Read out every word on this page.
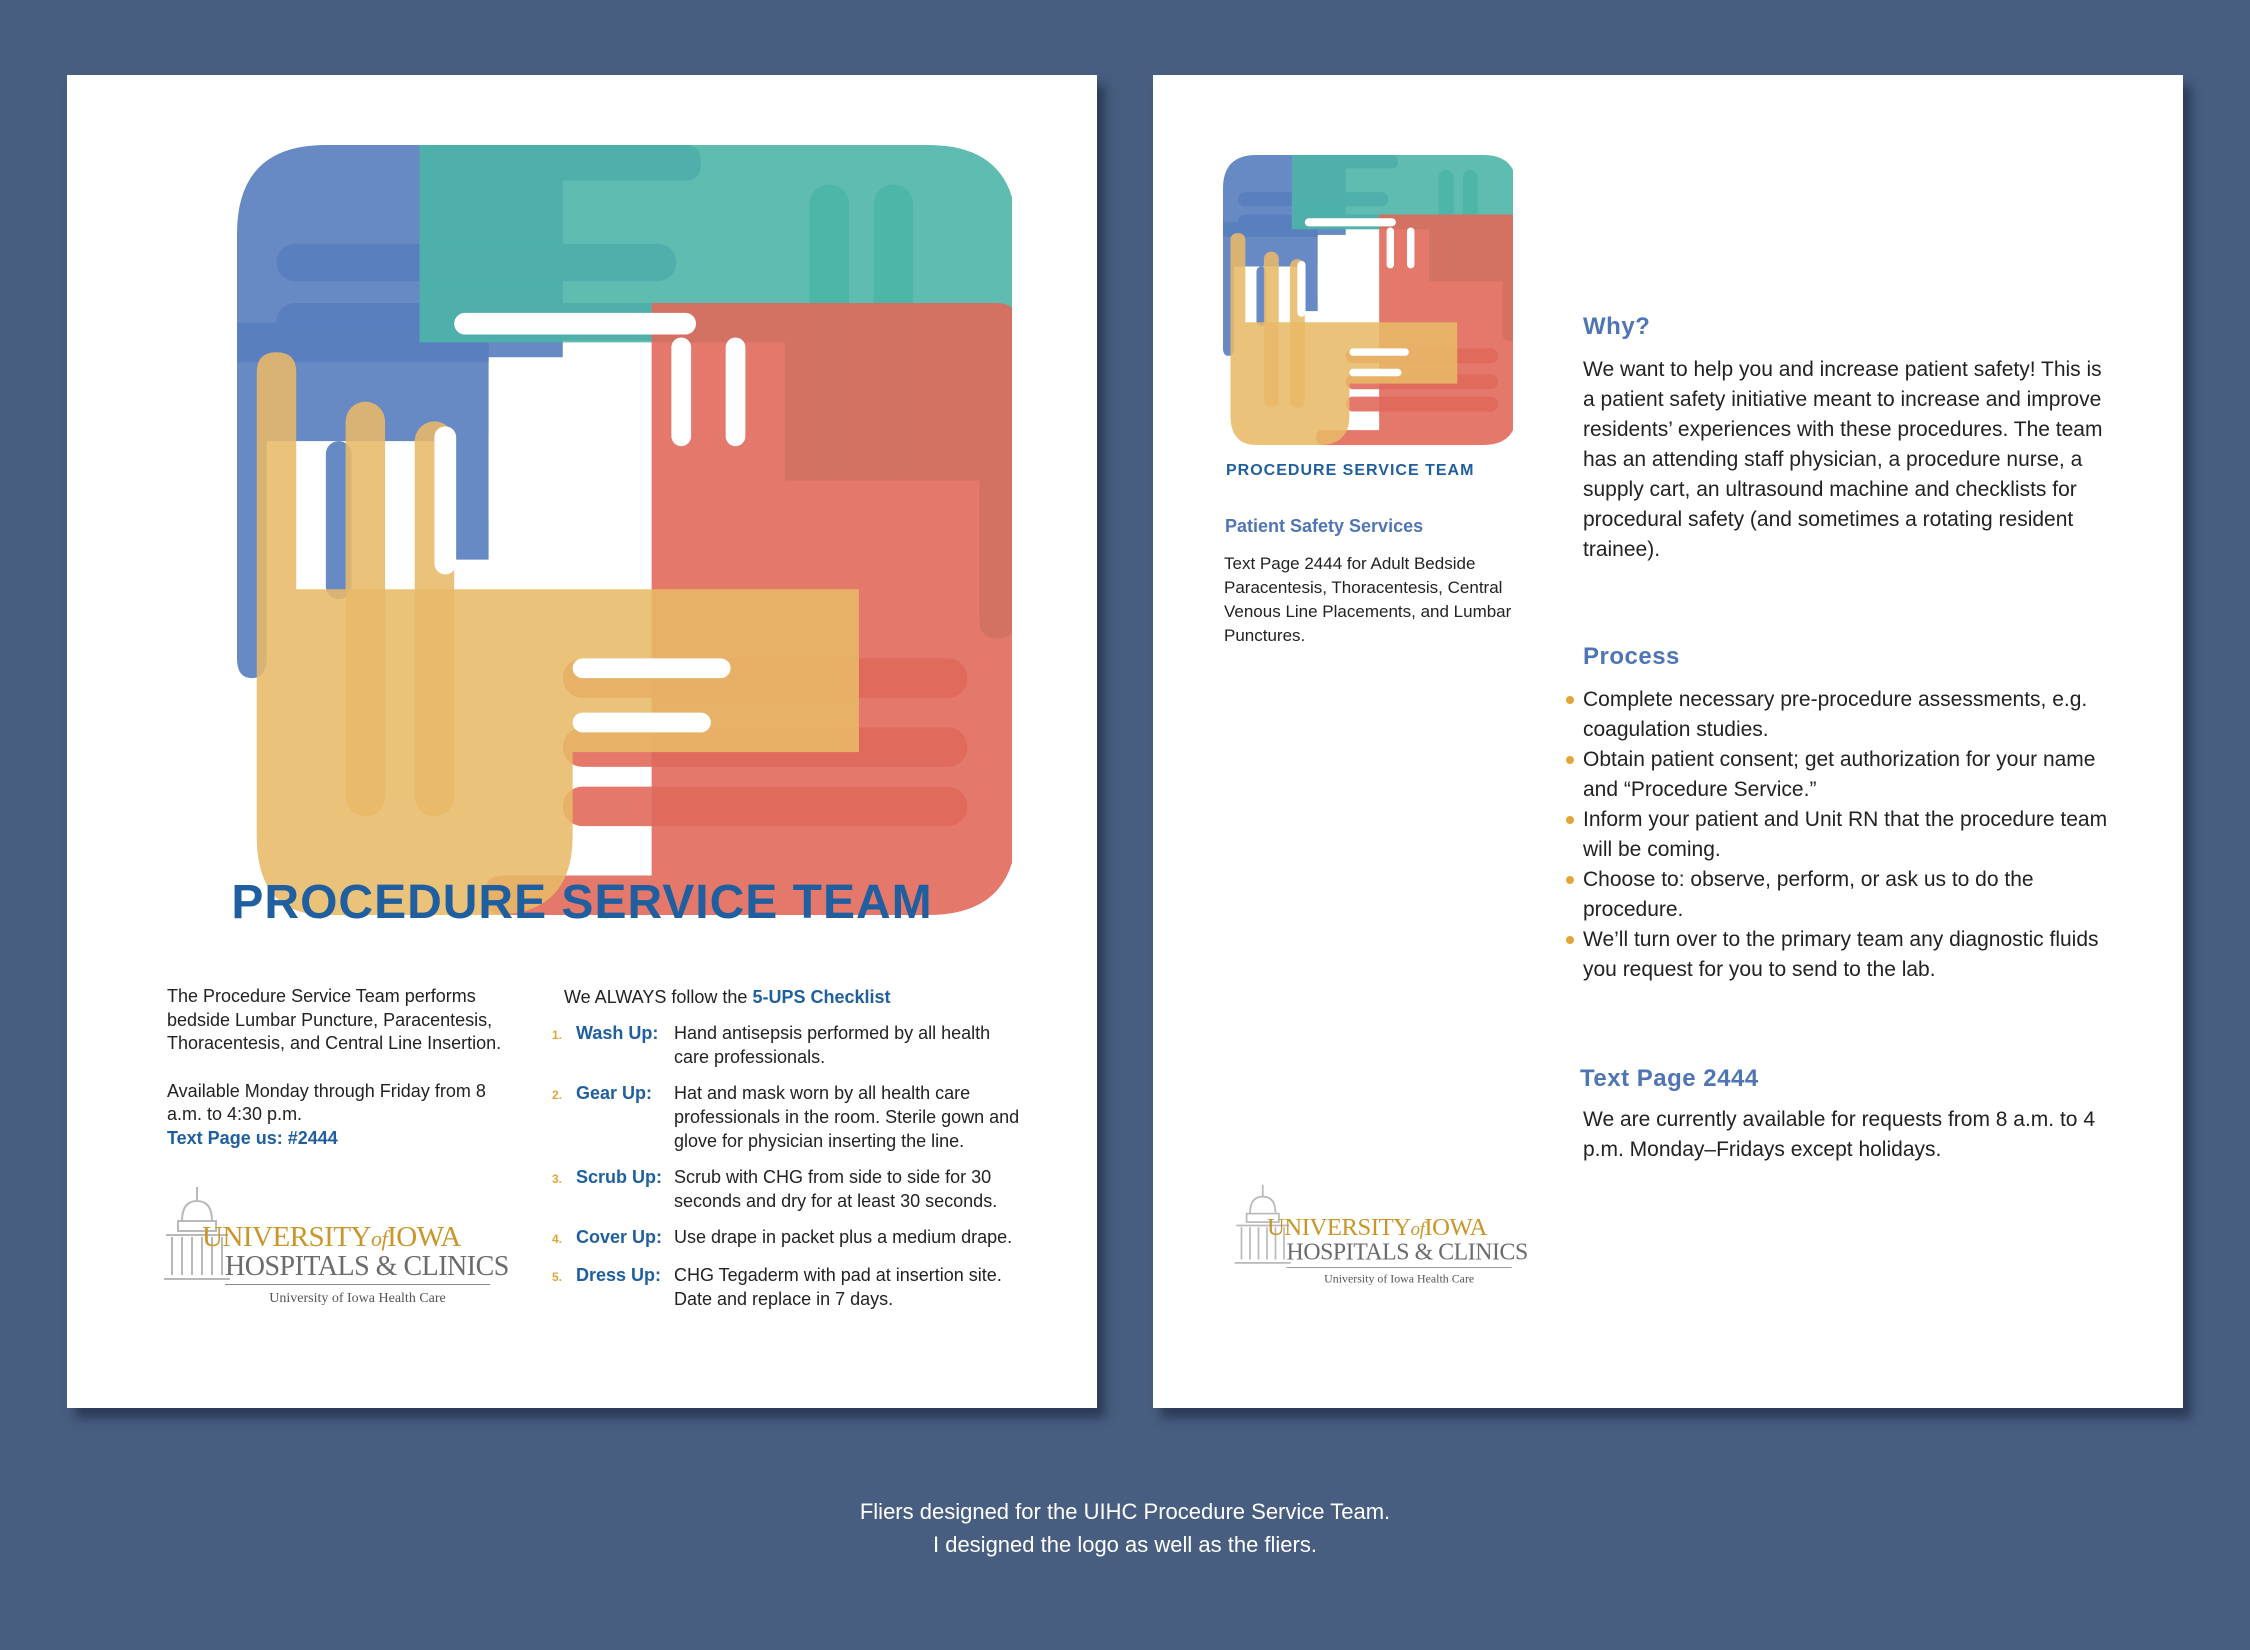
PROCEDURE SERVICE TEAM

The Procedure Service Team performs bedside Lumbar Puncture, Paracentesis, Thoracentesis, and Central Line Insertion.

Available Monday through Friday from 8 a.m. to 4:30 p.m.

Text Page us: #2444
We ALWAYS follow the 5-UPS Checklist
1. Wash Up: Hand antisepsis performed by all health care professionals.
2. Gear Up:	Hat and mask worn by all health care professionals in the room. Sterile gown and glove for physician inserting the line.
3. Scrub Up: Scrub with CHG from side to side for 30 seconds and dry for at least 30 seconds.
4. Cover Up: Use drape in packet plus a medium drape.
5. Dress Up: CHG Tegaderm with pad at insertion site. Date and replace in 7 days.
UNIVERSITYofIOWA
HOSPITALS & CLINICS
University of Iowa Health Care
PROCEDURE SERVICE TEAM
Patient Safety Services
Text Page 2444 for Adult Bedside Paracentesis, Thoracentesis, Central Venous Line Placements, and Lumbar Punctures.
Why?
We want to help you and increase patient safety! This is a patient safety initiative meant to increase and improve residents’ experiences with these procedures. The team has an attending staff physician, a procedure nurse, a supply cart, an ultrasound machine and checklists for procedural safety (and sometimes a rotating resident trainee).
Process
Complete necessary pre-procedure assessments, e.g. coagulation studies.
Obtain patient consent; get authorization for your name and “Procedure Service.”
Inform your patient and Unit RN that the procedure team will be coming.
Choose to: observe, perform, or ask us to do the procedure.
We’ll turn over to the primary team any diagnostic fluids you request for you to send to the lab.
Text Page 2444
We are currently available for requests from 8 a.m. to 4 p.m. Monday–Fridays except holidays.
UNIVERSITYofIOWA
HOSPITALS & CLINICS
University of Iowa Health Care
Fliers designed for the UIHC Procedure Service Team.
I designed the logo as well as the fliers.
